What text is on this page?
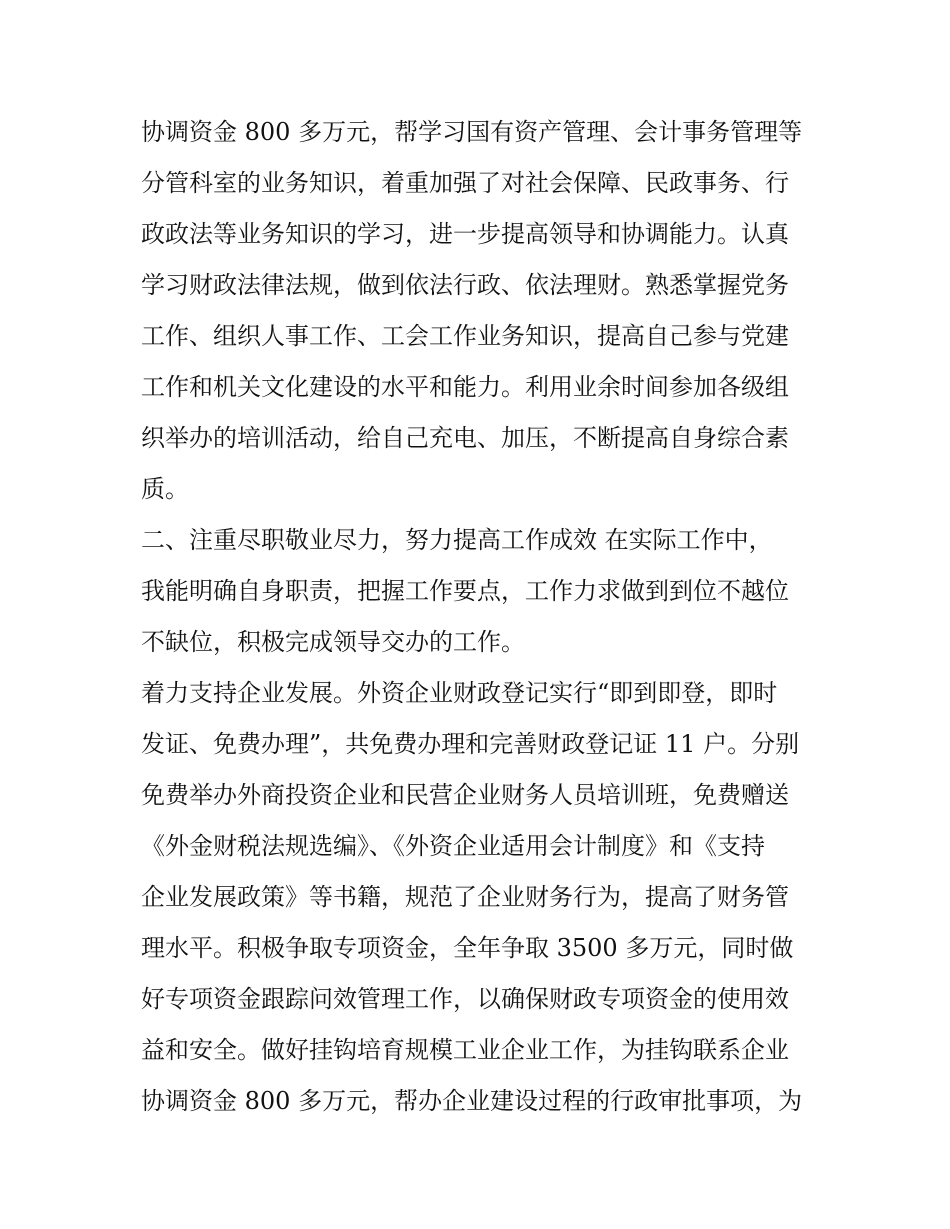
协调资金 800 多万元，帮学习国有资产管理、会计事务管理等
分管科室的业务知识，着重加强了对社会保障、民政事务、行
政政法等业务知识的学习，进一步提高领导和协调能力。认真
学习财政法律法规，做到依法行政、依法理财。熟悉掌握党务
工作、组织人事工作、工会工作业务知识，提高自己参与党建
工作和机关文化建设的水平和能力。利用业余时间参加各级组
织举办的培训活动，给自己充电、加压，不断提高自身综合素
质。
二、注重尽职敬业尽力，努力提高工作成效 在实际工作中，
我能明确自身职责，把握工作要点，工作力求做到到位不越位
不缺位，积极完成领导交办的工作。
着力支持企业发展。外资企业财政登记实行“即到即登，即时
发证、免费办理”，共免费办理和完善财政登记证 11 户。分别
免费举办外商投资企业和民营企业财务人员培训班，免费赠送
《外金财税法规选编》、《外资企业适用会计制度》和《支持
企业发展政策》等书籍，规范了企业财务行为，提高了财务管
理水平。积极争取专项资金，全年争取 3500 多万元，同时做
好专项资金跟踪问效管理工作，以确保财政专项资金的使用效
益和安全。做好挂钩培育规模工业企业工作，为挂钩联系企业
协调资金 800 多万元，帮办企业建设过程的行政审批事项，为
